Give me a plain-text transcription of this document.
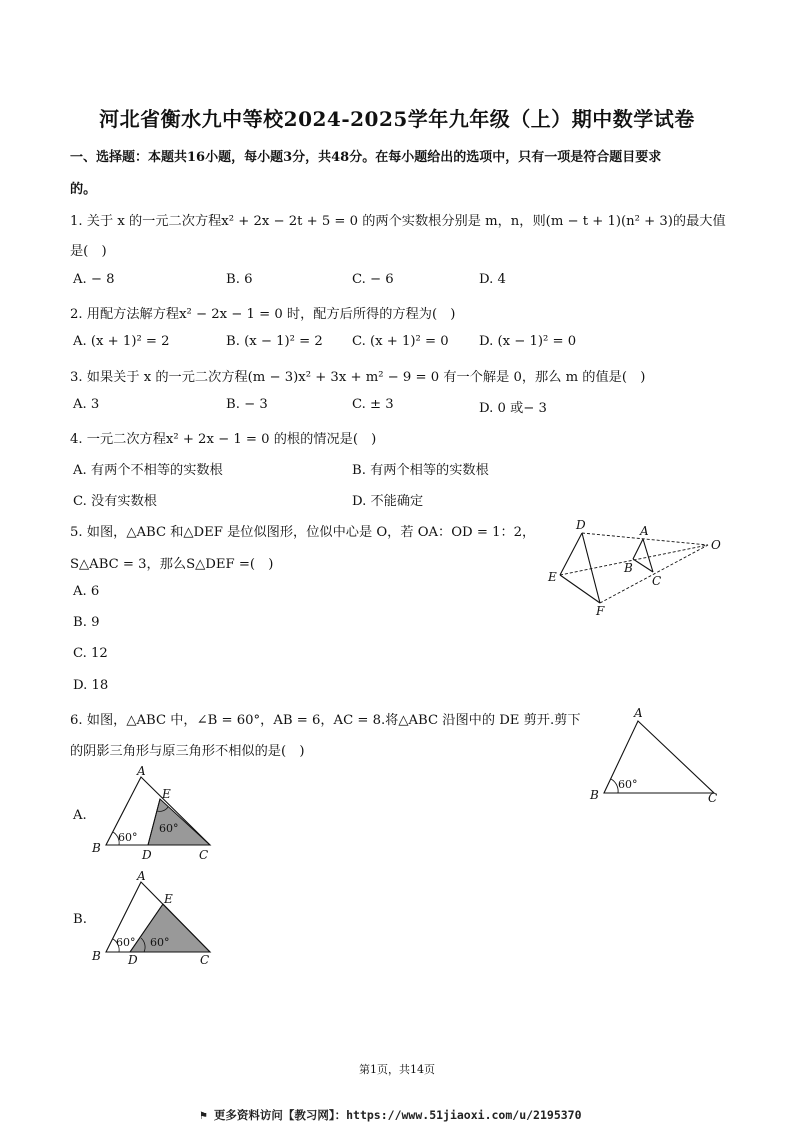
河北省衡水九中等校2024-2025学年九年级（上）期中数学试卷
一、选择题：本题共16小题，每小题3分，共48分。在每小题给出的选项中，只有一项是符合题目要求
的。
1. 关于 x 的一元二次方程x² + 2x − 2t + 5 = 0 的两个实数根分别是 m，n，则(m − t + 1)(n² + 3)的最大值
是(　)
A. − 8	B. 6	C. − 6	D. 4
2. 用配方法解方程x² − 2x − 1 = 0 时，配方后所得的方程为(　)
A. (x + 1)² = 2	B. (x − 1)² = 2 C. (x + 1)² = 0 D. (x − 1)² = 0
3. 如果关于 x 的一元二次方程(m − 3)x² + 3x + m² − 9 = 0 有一个解是 0，那么 m 的值是(　)
A. 3	B. − 3	C. ± 3	D. 0 或− 3
4. 一元二次方程x² + 2x − 1 = 0 的根的情况是(　)
A. 有两个不相等的实数根	B. 有两个相等的实数根
C. 没有实数根	D. 不能确定
5. 如图，△ABC 和△DEF 是位似图形，位似中心是 O，若 OA：OD = 1：2，
S△ABC = 3，那么S△DEF =(　)
A. 6
B. 9
C. 12
D. 18
D	A
O
B
C
E
F
6. 如图，△ABC 中，∠B = 60°，AB = 6，AC = 8.将△ABC 沿图中的 DE 剪开.剪下
的阴影三角形与原三角形不相似的是(　)
A
B	C
60°
A.
A
E
B	D	C
60°
60°
B.
A
E
B D	C
60° 60°
第1页，共14页
⚑ 更多资料访问【教习网】：https://www.51jiaoxi.com/u/2195370
